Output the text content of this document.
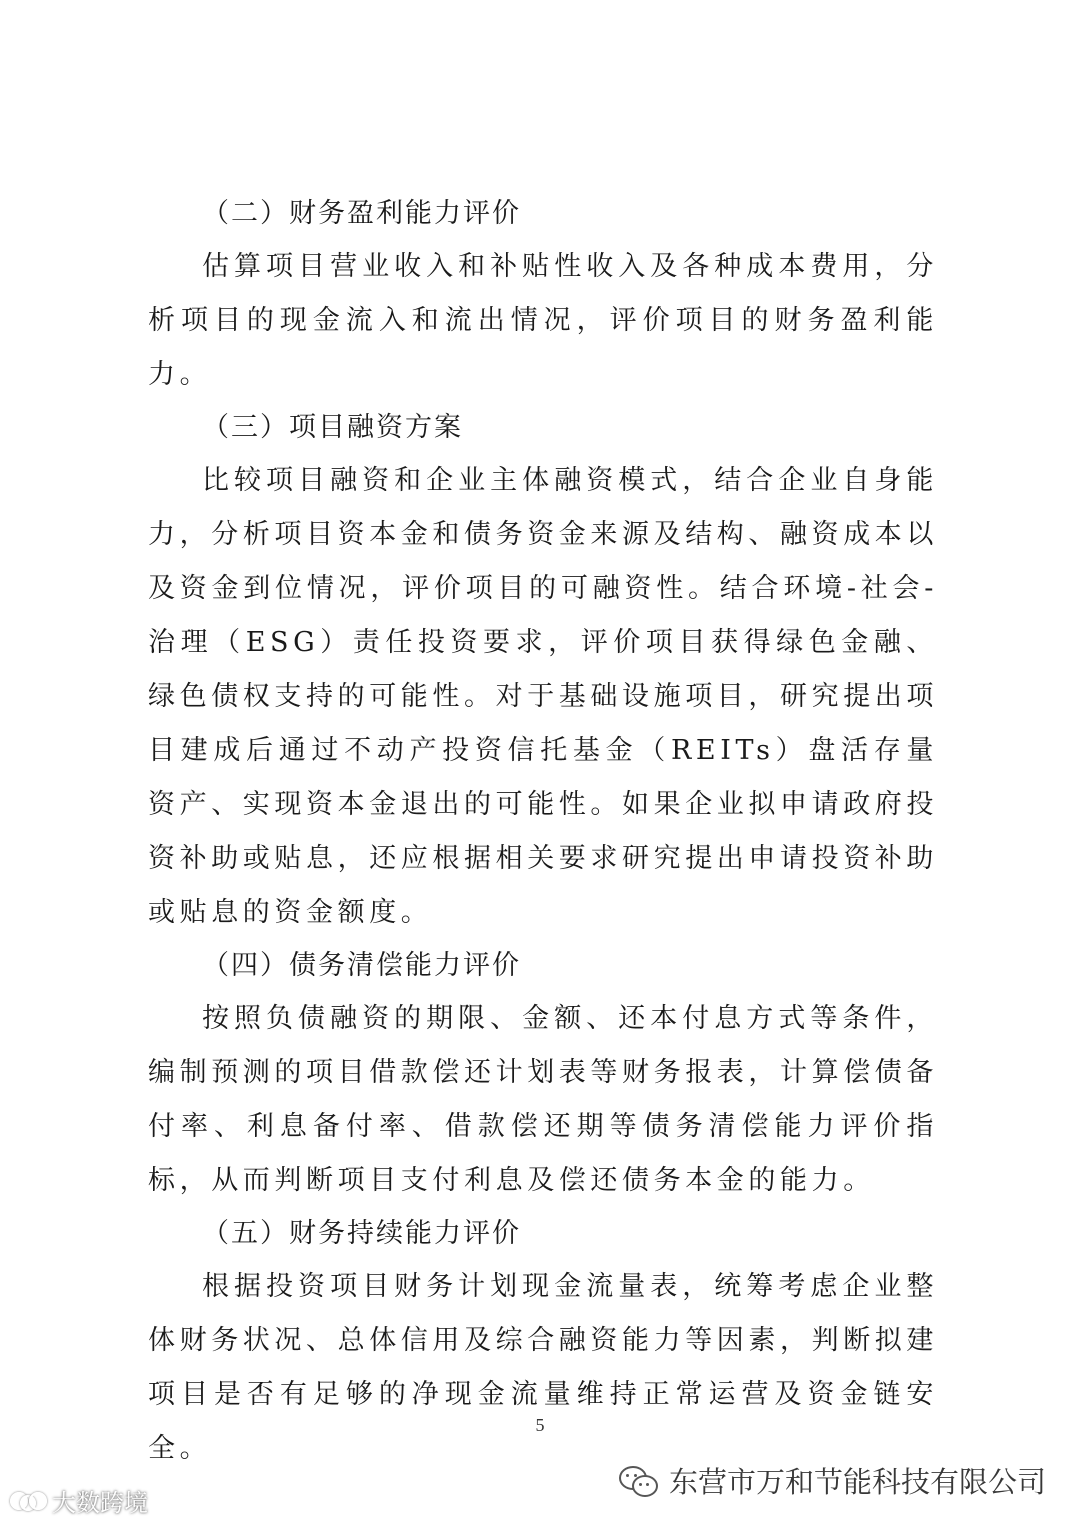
（二）财务盈利能力评价

估算项目营业收入和补贴性收入及各种成本费用，分析项目的现金流入和流出情况，评价项目的财务盈利能力。

（三）项目融资方案

比较项目融资和企业主体融资模式，结合企业自身能力，分析项目资本金和债务资金来源及结构、融资成本以及资金到位情况，评价项目的可融资性。结合环境-社会-治理（ESG）责任投资要求，评价项目获得绿色金融、绿色债权支持的可能性。对于基础设施项目，研究提出项目建成后通过不动产投资信托基金（REITs）盘活存量资产、实现资本金退出的可能性。如果企业拟申请政府投资补助或贴息，还应根据相关要求研究提出申请投资补助或贴息的资金额度。

（四）债务清偿能力评价

按照负债融资的期限、金额、还本付息方式等条件，编制预测的项目借款偿还计划表等财务报表，计算偿债备付率、利息备付率、借款偿还期等债务清偿能力评价指标，从而判断项目支付利息及偿还债务本金的能力。

（五）财务持续能力评价

根据投资项目财务计划现金流量表，统筹考虑企业整体财务状况、总体信用及综合融资能力等因素，判断拟建项目是否有足够的净现金流量维持正常运营及资金链安全。

5
东营市万和节能科技有限公司
大数跨境
